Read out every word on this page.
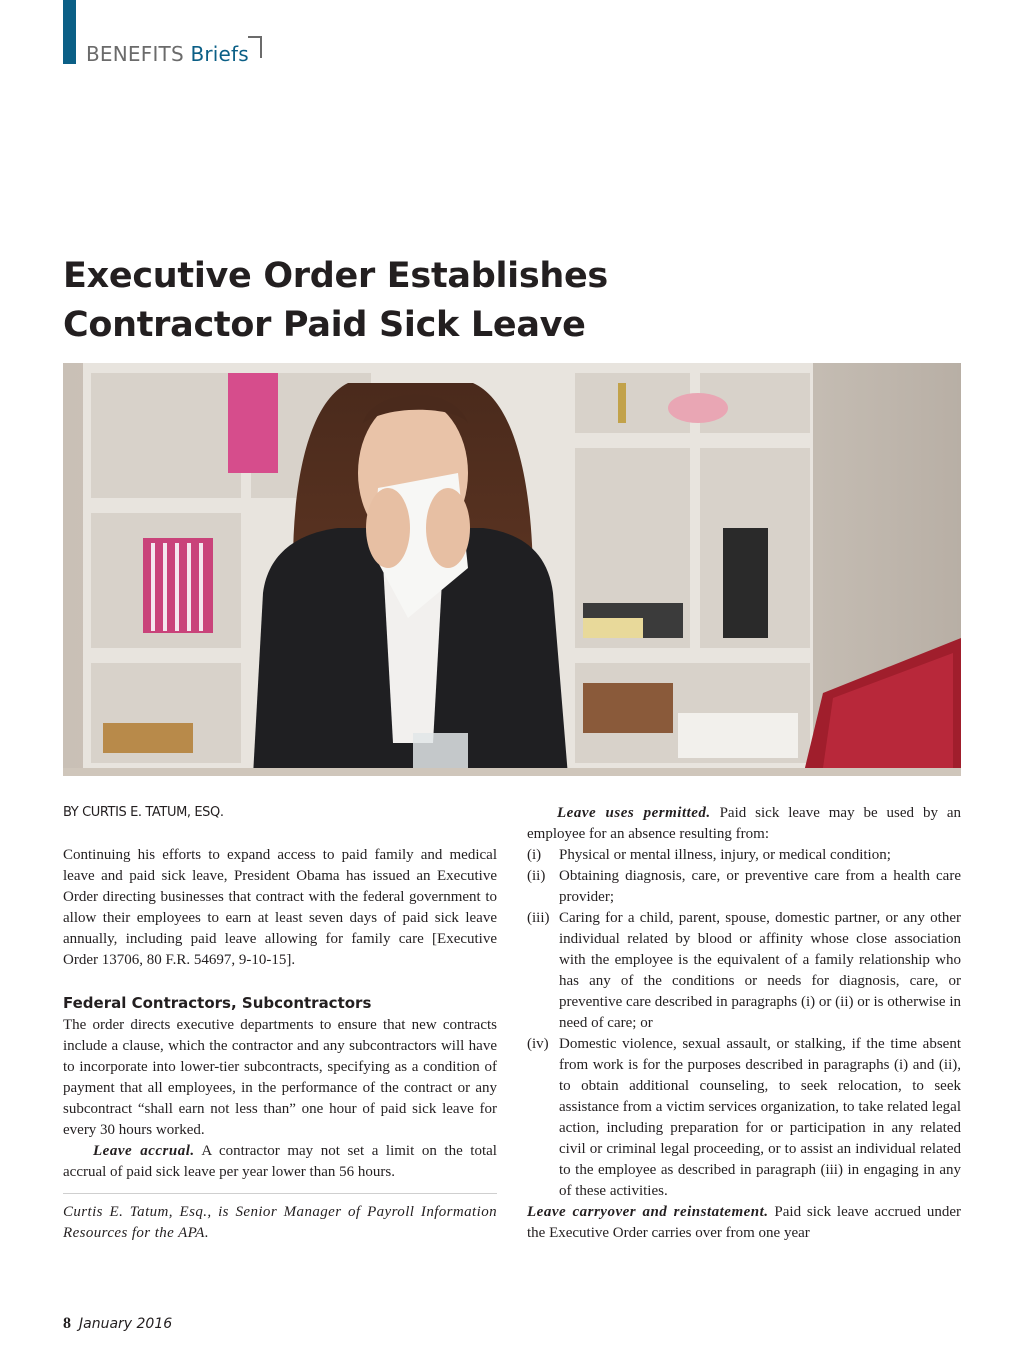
BENEFITS Briefs
Executive Order Establishes
Contractor Paid Sick Leave
BY CURTIS E. TATUM, ESQ.

Continuing his efforts to expand access to paid family and medical leave and paid sick leave, President Obama has issued an Executive Order directing businesses that contract with the federal government to allow their employees to earn at least seven days of paid sick leave annually, including paid leave allowing for family care [Executive Order 13706, 80 F.R. 54697, 9-10-15].

Federal Contractors, Subcontractors

The order directs executive departments to ensure that new contracts include a clause, which the contractor and any subcontractors will have to incorporate into lower-tier subcontracts, specifying as a condition of payment that all employees, in the performance of the contract or any subcontract “shall earn not less than” one hour of paid sick leave for every 30 hours worked.

Leave accrual. A contractor may not set a limit on the total accrual of paid sick leave per year lower than 56 hours.

Curtis E. Tatum, Esq., is Senior Manager of Payroll Information Resources for the APA.

Leave uses permitted. Paid sick leave may be used by an employee for an absence resulting from:

(i) Physical or mental illness, injury, or medical condition;
(ii) Obtaining diagnosis, care, or preventive care from a health care provider;
(iii) Caring for a child, parent, spouse, domestic partner, or any other individual related by blood or affinity whose close association with the employee is the equivalent of a family relationship who has any of the conditions or needs for diagnosis, care, or preventive care described in paragraphs (i) or (ii) or is otherwise in need of care; or
(iv) Domestic violence, sexual assault, or stalking, if the time absent from work is for the purposes described in paragraphs (i) and (ii), to obtain additional counseling, to seek relocation, to seek assistance from a victim services organization, to take related legal action, including preparation for or participation in any related civil or criminal legal proceeding, or to assist an individual related to the employee as described in paragraph (iii) in engaging in any of these activities.

Leave carryover and reinstatement. Paid sick leave accrued under the Executive Order carries over from one year

8 January 2016
